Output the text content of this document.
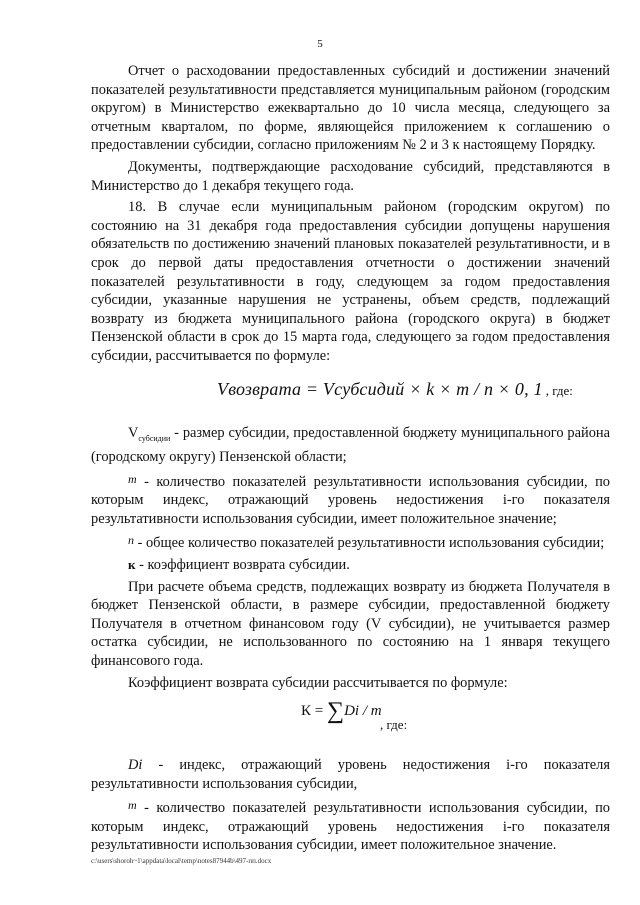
5

Отчет о расходовании предоставленных субсидий и достижении значений показателей результативности представляется муниципальным районом (городским округом) в Министерство ежеквартально до 10 числа месяца, следующего за отчетным кварталом, по форме, являющейся приложением к соглашению о предоставлении субсидии, согласно приложениям № 2 и 3 к настоящему Порядку.

Документы, подтверждающие расходование субсидий, представляются в Министерство до 1 декабря текущего года.

18. В случае если муниципальным районом (городским округом) по состоянию на 31 декабря года предоставления субсидии допущены нарушения обязательств по достижению значений плановых показателей результативности, и в срок до первой даты предоставления отчетности о достижении значений показателей результативности в году, следующем за годом предоставления субсидии, указанные нарушения не устранены, объем средств, подлежащий возврату из бюджета муниципального района (городского округа) в бюджет Пензенской области в срок до 15 марта года, следующего за годом предоставления субсидии, рассчитывается по формуле:

Vвозврата = Vсубсидий × k × m / n × 0, 1 , где:

$V_{субсидии}$ - размер субсидии, предоставленной бюджету муниципального района (городскому округу) Пензенской области;

$^m$ - количество показателей результативности использования субсидии, по которым индекс, отражающий уровень недостижения i-го показателя результативности использования субсидии, имеет положительное значение;

$^n$ - общее количество показателей результативности использования субсидии;

к - коэффициент возврата субсидии.

При расчете объема средств, подлежащих возврату из бюджета Получателя в бюджет Пензенской области, в размере субсидии, предоставленной бюджету Получателя в отчетном финансовом году (V субсидии), не учитывается размер остатка субсидии, не использованного по состоянию на 1 января текущего финансового года.

Коэффициент возврата субсидии рассчитывается по формуле:

К = ∑Di / m
, где:

Di - индекс, отражающий уровень недостижения i-го показателя результативности использования субсидии,

$^m$ - количество показателей результативности использования субсидии, по которым индекс, отражающий уровень недостижения i-го показателя результативности использования субсидии, имеет положительное значение.

c:\users\shoroh~1\appdata\local\temp\notes87944b\497-пп.docx
